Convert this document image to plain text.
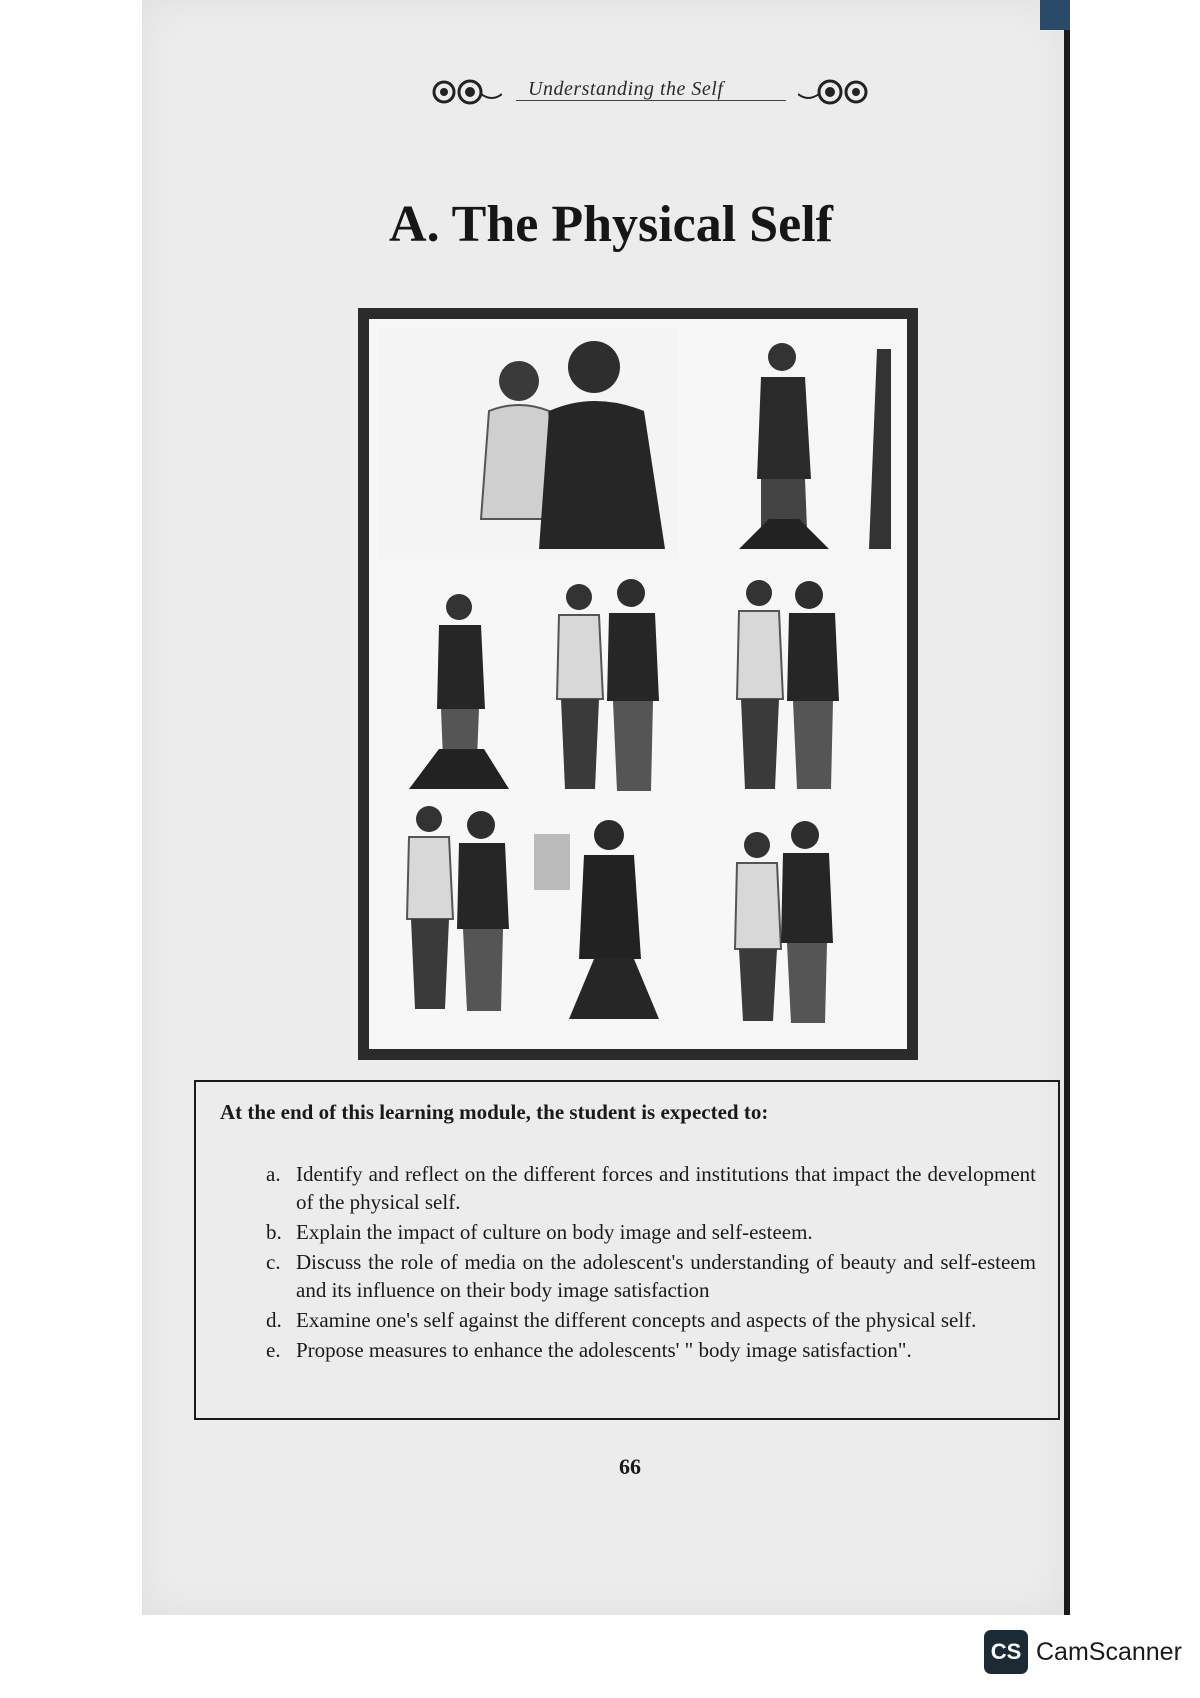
Understanding the Self
A. The Physical Self

At the end of this learning module, the student is expected to:

a. Identify and reflect on the different forces and institutions that impact the development of the physical self.
b. Explain the impact of culture on body image and self-esteem.
c. Discuss the role of media on the adolescent's understanding of beauty and self-esteem and its influence on their body image satisfaction
d. Examine one's self against the different concepts and aspects of the physical self.
e. Propose measures to enhance the adolescents' " body image satisfaction".
66
CS CamScanner
